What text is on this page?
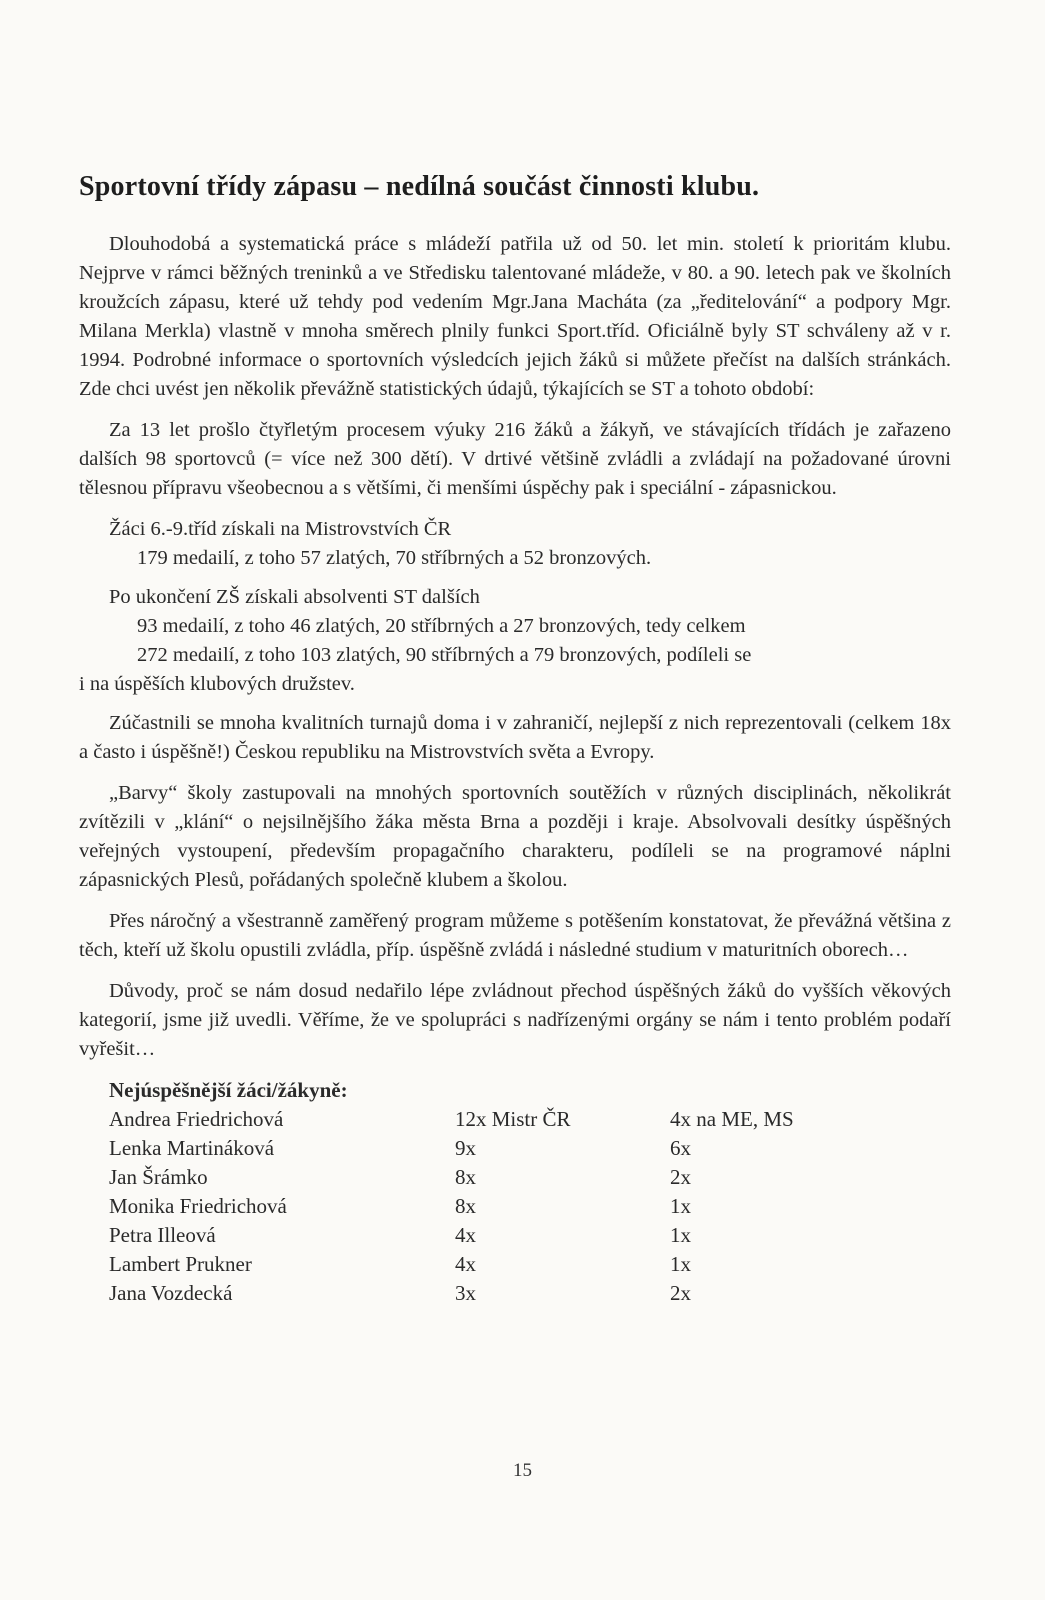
Sportovní třídy zápasu – nedílná součást činnosti klubu.

Dlouhodobá a systematická práce s mládeží patřila už od 50. let min. století k prioritám klubu. Nejprve v rámci běžných treninků a ve Středisku talentované mládeže, v 80. a 90. letech pak ve školních kroužcích zápasu, které už tehdy pod vedením Mgr.Jana Macháta (za „ředitelování“ a podpory Mgr. Milana Merkla) vlastně v mnoha směrech plnily funkci Sport.tříd. Oficiálně byly ST schváleny až v r. 1994. Podrobné informace o sportovních výsledcích jejich žáků si můžete přečíst na dalších stránkách. Zde chci uvést jen několik převážně statistických údajů, týkajících se ST a tohoto období:

Za 13 let prošlo čtyřletým procesem výuky 216 žáků a žákyň, ve stávajících třídách je zařazeno dalších 98 sportovců (= více než 300 dětí). V drtivé většině zvládli a zvládají na požadované úrovni tělesnou přípravu všeobecnou a s většími, či menšími úspěchy pak i speciální - zápasnickou.

Žáci 6.-9.tříd získali na Mistrovstvích ČR
179 medailí, z toho 57 zlatých, 70 stříbrných a 52 bronzových.
Po ukončení ZŠ získali absolventi ST dalších
93 medailí, z toho 46 zlatých, 20 stříbrných a 27 bronzových, tedy celkem
272 medailí, z toho 103 zlatých, 90 stříbrných a 79 bronzových, podíleli se
i na úspěších klubových družstev.

Zúčastnili se mnoha kvalitních turnajů doma i v zahraničí, nejlepší z nich reprezentovali (celkem 18x a často i úspěšně!) Českou republiku na Mistrovstvích světa a Evropy.

„Barvy“ školy zastupovali na mnohých sportovních soutěžích v různých disciplinách, několikrát zvítězili v „klání“ o nejsilnějšího žáka města Brna a později i kraje. Absolvovali desítky úspěšných veřejných vystoupení, především propagačního charakteru, podíleli se na programové náplni zápasnických Plesů, pořádaných společně klubem a školou.

Přes náročný a všestranně zaměřený program můžeme s potěšením konstatovat, že převážná většina z těch, kteří už školu opustili zvládla, příp. úspěšně zvládá i následné studium v maturitních oborech…

Důvody, proč se nám dosud nedařilo lépe zvládnout přechod úspěšných žáků do vyšších věkových kategorií, jsme již uvedli. Věříme, že ve spolupráci s nadřízenými orgány se nám i tento problém podaří vyřešit…

Nejúspěšnější žáci/žákyně:
Andrea Friedrichová	12x Mistr ČR	4x na ME, MS
Lenka Martináková	9x	6x
Jan Šrámko	8x	2x
Monika Friedrichová	8x	1x
Petra Illeová	4x	1x
Lambert Prukner	4x	1x
Jana Vozdecká	3x	2x
15
